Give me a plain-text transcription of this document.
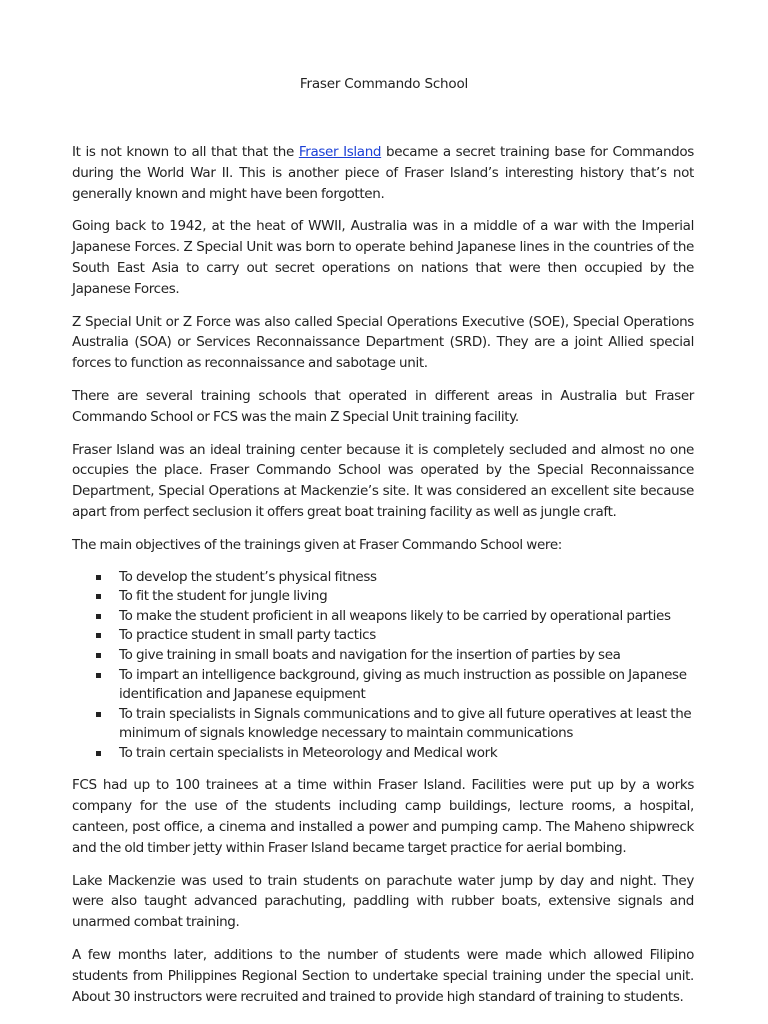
Fraser Commando School

It is not known to all that that the Fraser Island became a secret training base for Commandos during the World War II. This is another piece of Fraser Island’s interesting history that’s not generally known and might have been forgotten.

Going back to 1942, at the heat of WWII, Australia was in a middle of a war with the Imperial Japanese Forces. Z Special Unit was born to operate behind Japanese lines in the countries of the South East Asia to carry out secret operations on nations that were then occupied by the Japanese Forces.

Z Special Unit or Z Force was also called Special Operations Executive (SOE), Special Operations Australia (SOA) or Services Reconnaissance Department (SRD). They are a joint Allied special forces to function as reconnaissance and sabotage unit.

There are several training schools that operated in different areas in Australia but Fraser Commando School or FCS was the main Z Special Unit training facility.

Fraser Island was an ideal training center because it is completely secluded and almost no one occupies the place. Fraser Commando School was operated by the Special Reconnaissance Department, Special Operations at Mackenzie’s site. It was considered an excellent site because apart from perfect seclusion it offers great boat training facility as well as jungle craft.

The main objectives of the trainings given at Fraser Commando School were:

To develop the student’s physical fitness
To fit the student for jungle living
To make the student proficient in all weapons likely to be carried by operational parties
To practice student in small party tactics
To give training in small boats and navigation for the insertion of parties by sea
To impart an intelligence background, giving as much instruction as possible on Japanese identification and Japanese equipment
To train specialists in Signals communications and to give all future operatives at least the minimum of signals knowledge necessary to maintain communications
To train certain specialists in Meteorology and Medical work

FCS had up to 100 trainees at a time within Fraser Island. Facilities were put up by a works company for the use of the students including camp buildings, lecture rooms, a hospital, canteen, post office, a cinema and installed a power and pumping camp. The Maheno shipwreck and the old timber jetty within Fraser Island became target practice for aerial bombing.

Lake Mackenzie was used to train students on parachute water jump by day and night. They were also taught advanced parachuting, paddling with rubber boats, extensive signals and unarmed combat training.

A few months later, additions to the number of students were made which allowed Filipino students from Philippines Regional Section to undertake special training under the special unit. About 30 instructors were recruited and trained to provide high standard of training to students.
